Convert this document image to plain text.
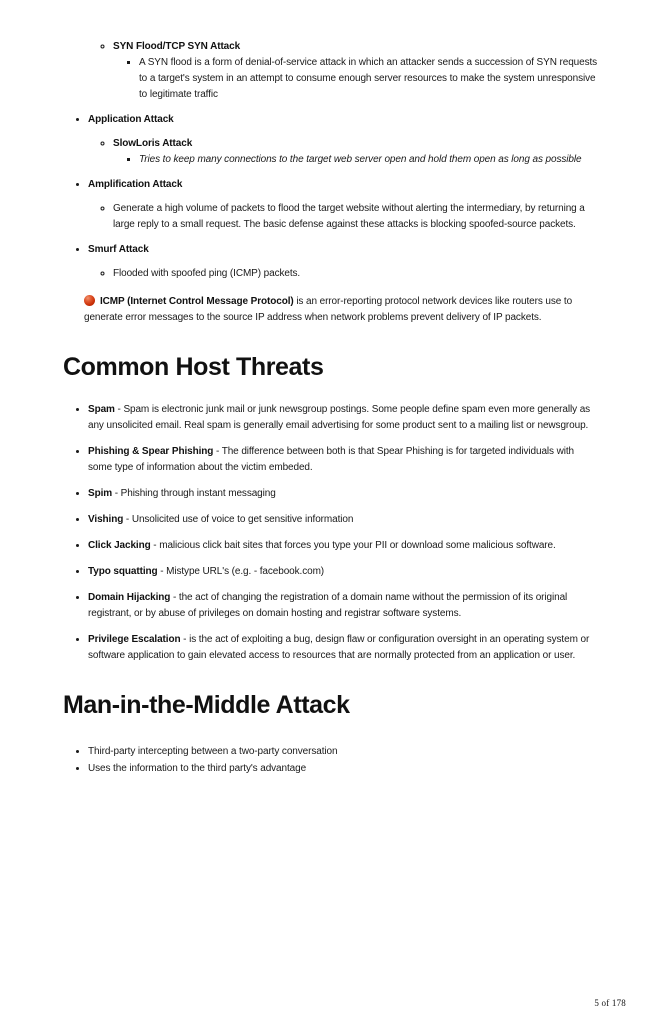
◦ SYN Flood/TCP SYN Attack
▪ A SYN flood is a form of denial-of-service attack in which an attacker sends a succession of SYN requests to a target's system in an attempt to consume enough server resources to make the system unresponsive to legitimate traffic
• Application Attack
◦ SlowLoris Attack
▪ Tries to keep many connections to the target web server open and hold them open as long as possible
• Amplification Attack
◦ Generate a high volume of packets to flood the target website without alerting the intermediary, by returning a large reply to a small request. The basic defense against these attacks is blocking spoofed-source packets.
• Smurf Attack
◦ Flooded with spoofed ping (ICMP) packets.

ICMP (Internet Control Message Protocol) is an error-reporting protocol network devices like routers use to generate error messages to the source IP address when network problems prevent delivery of IP packets.

Common Host Threats
• Spam - Spam is electronic junk mail or junk newsgroup postings. Some people define spam even more generally as any unsolicited email. Real spam is generally email advertising for some product sent to a mailing list or newsgroup.
• Phishing & Spear Phishing - The difference between both is that Spear Phishing is for targeted individuals with some type of information about the victim embeded.
• Spim - Phishing through instant messaging
• Vishing - Unsolicited use of voice to get sensitive information
• Click Jacking - malicious click bait sites that forces you type your PII or download some malicious software.
• Typo squatting - Mistype URL's (e.g. - facebook.com)
• Domain Hijacking - the act of changing the registration of a domain name without the permission of its original registrant, or by abuse of privileges on domain hosting and registrar software systems.
• Privilege Escalation - is the act of exploiting a bug, design flaw or configuration oversight in an operating system or software application to gain elevated access to resources that are normally protected from an application or user.
Man-in-the-Middle Attack
• Third-party intercepting between a two-party conversation
• Uses the information to the third party's advantage
5 of 178
